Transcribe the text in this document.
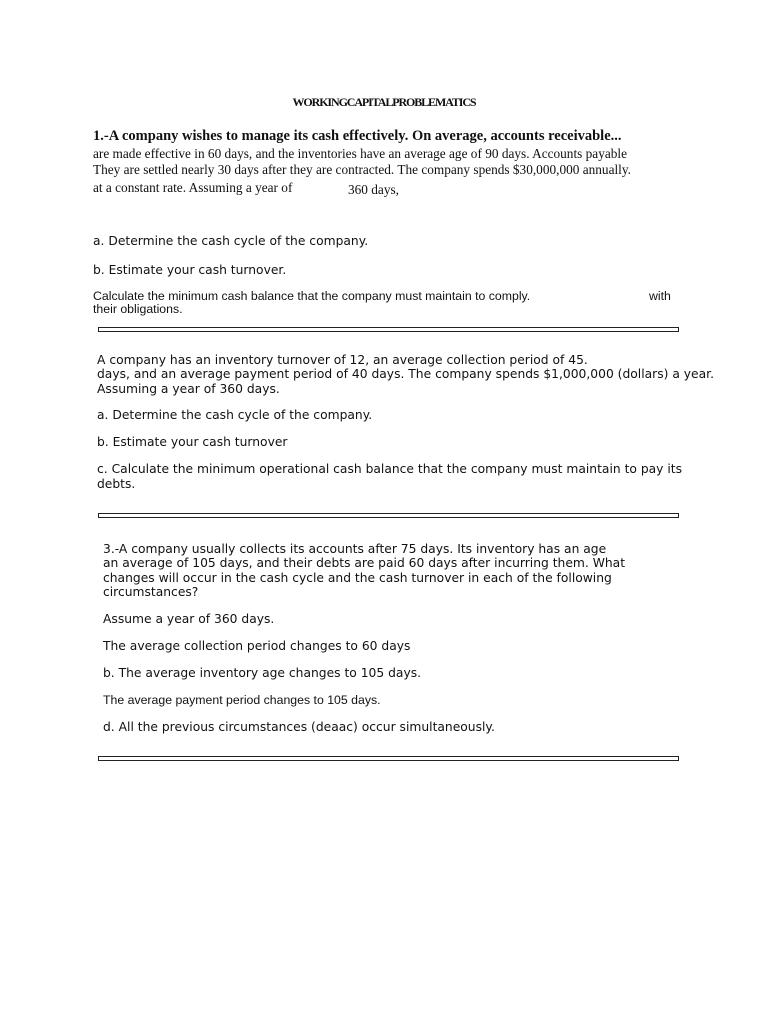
WORKINGCAPITALPROBLEMATICS
1.-A company wishes to manage its cash effectively. On average, accounts receivable...
are made effective in 60 days, and the inventories have an average age of 90 days. Accounts payable
They are settled nearly 30 days after they are contracted. The company spends $30,000,000 annually.
at a constant rate. Assuming a year of	360 days,
a. Determine the cash cycle of the company.
b. Estimate your cash turnover.
Calculate the minimum cash balance that the company must maintain to comply.	with
their obligations.
A company has an inventory turnover of 12, an average collection period of 45.
days, and an average payment period of 40 days. The company spends $1,000,000 (dollars) a year.
Assuming a year of 360 days.
a. Determine the cash cycle of the company.
b. Estimate your cash turnover
c. Calculate the minimum operational cash balance that the company must maintain to pay its
debts.
3.-A company usually collects its accounts after 75 days. Its inventory has an age
an average of 105 days, and their debts are paid 60 days after incurring them. What
changes will occur in the cash cycle and the cash turnover in each of the following
circumstances?
Assume a year of 360 days.
The average collection period changes to 60 days
b. The average inventory age changes to 105 days.
The average payment period changes to 105 days.
d. All the previous circumstances (deaac) occur simultaneously.
